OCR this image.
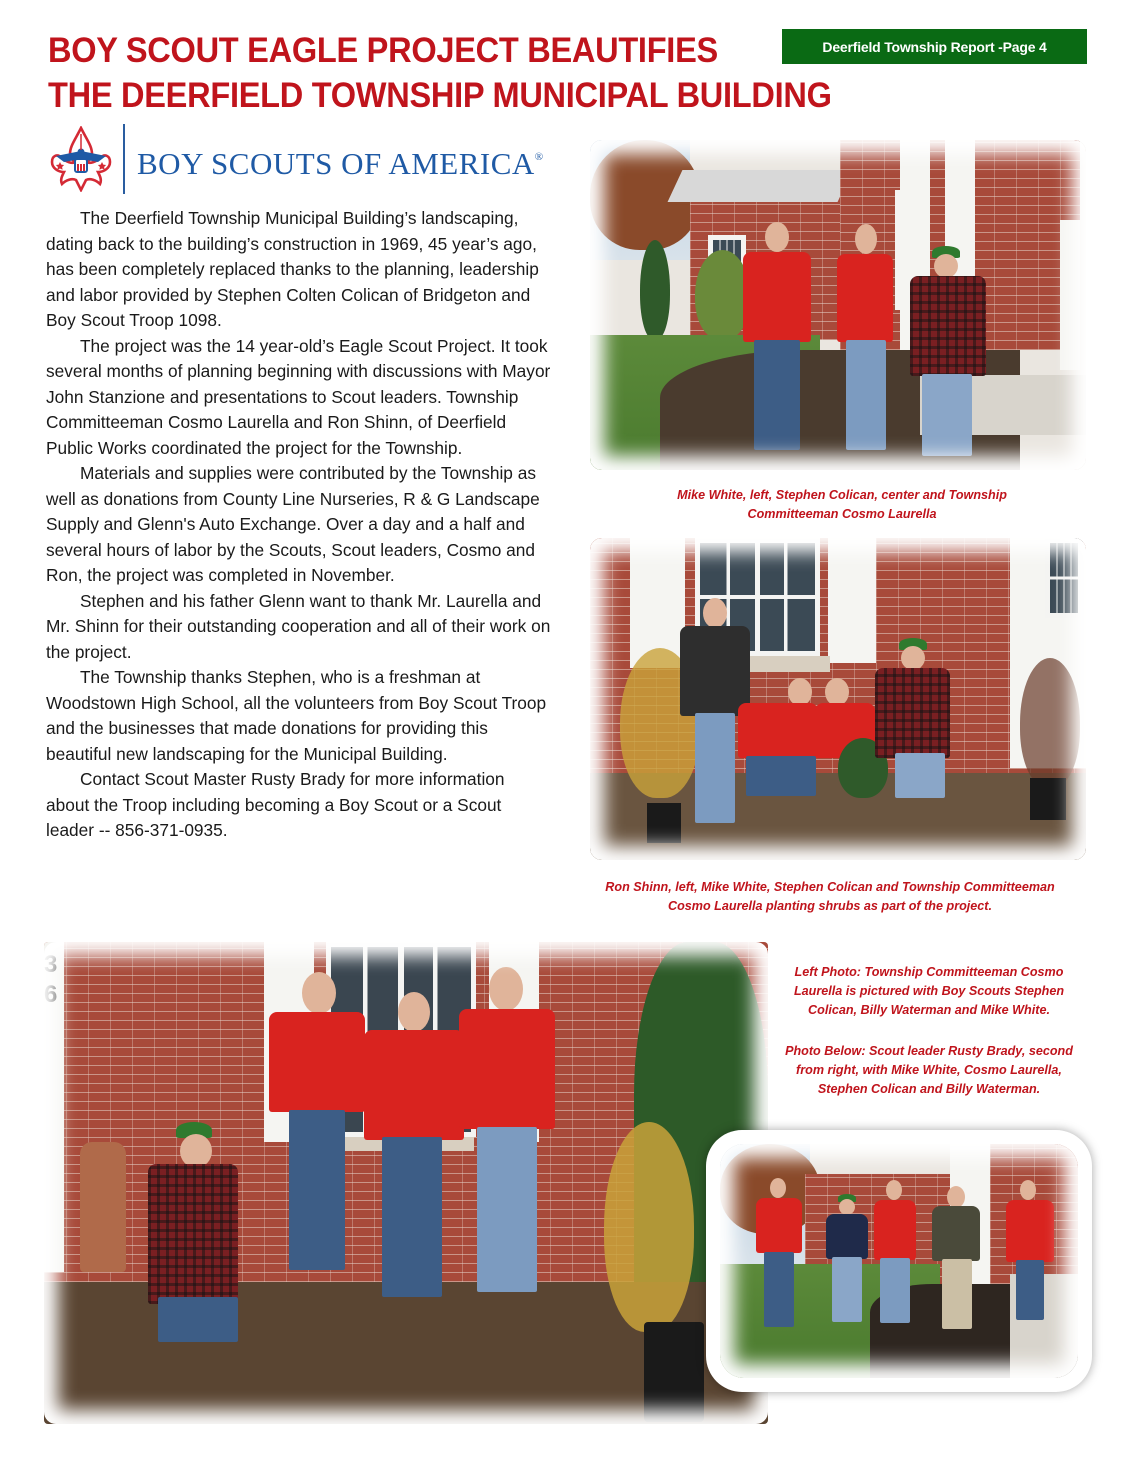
BOY SCOUT EAGLE PROJECT BEAUTIFIES
THE DEERFIELD TOWNSHIP MUNICIPAL BUILDING
Deerfield Township Report -Page 4
BOY SCOUTS OF AMERICA®

The Deerfield Township Municipal Building’s landscaping, dating back to the building’s construction in 1969, 45 year’s ago, has been completely replaced thanks to the planning, leadership and labor provided by Stephen Colten Colican of Bridgeton and Boy Scout Troop 1098.

The project was the 14 year-old’s Eagle Scout Project. It took several months of planning beginning with discussions with Mayor John Stanzione and presentations to Scout leaders. Township Committeeman Cosmo Laurella and Ron Shinn, of Deerfield Public Works coordinated the project for the Township.

Materials and supplies were contributed by the Township as well as donations from County Line Nurseries, R & G Landscape Supply and Glenn's Auto Exchange. Over a day and a half and several hours of labor by the Scouts, Scout leaders, Cosmo and Ron, the project was completed in November.

Stephen and his father Glenn want to thank Mr. Laurella and Mr. Shinn for their outstanding cooperation and all of their work on the project.

The Township thanks Stephen, who is a freshman at Woodstown High School, all the volunteers from Boy Scout Troop and the businesses that made donations for providing this beautiful new landscaping for the Municipal Building.

Contact Scout Master Rusty Brady for more information about the Troop including becoming a Boy Scout or a Scout leader -- 856-371-0935.

Mike White, left, Stephen Colican, center and Township Committeeman Cosmo Laurella
Ron Shinn, left, Mike White, Stephen Colican and Township Committeeman Cosmo Laurella planting shrubs as part of the project.
3 6
Left Photo: Township Committeeman Cosmo Laurella is pictured with Boy Scouts Stephen Colican, Billy Waterman and Mike White.
Photo Below: Scout leader Rusty Brady, second from right, with Mike White, Cosmo Laurella, Stephen Colican and Billy Waterman.
